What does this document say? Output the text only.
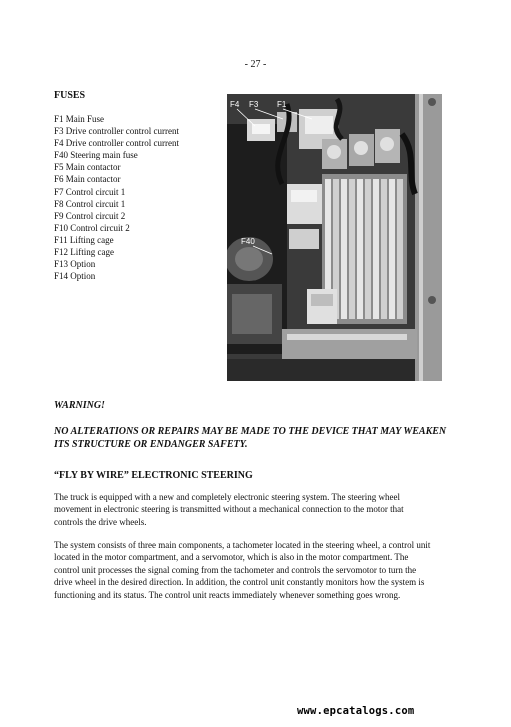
- 27 -
FUSES
F1 Main Fuse
F3 Drive controller control current
F4 Drive controller control current
F40 Steering main fuse
F5 Main contactor
F6 Main contactor
F7 Control circuit 1
F8 Control circuit 1
F9 Control circuit 2
F10 Control circuit 2
F11 Lifting cage
F12 Lifting cage
F13 Option
F14 Option
F4 F3 F1
F40
WARNING!
NO ALTERATIONS OR REPAIRS MAY BE MADE TO THE DEVICE THAT MAY WEAKEN ITS STRUCTURE OR ENDANGER SAFETY.
“FLY BY WIRE” ELECTRONIC STEERING

The truck is equipped with a new and completely electronic steering system. The steering wheel movement in electronic steering is transmitted without a mechanical connection to the motor that controls the drive wheels.

The system consists of three main components, a tachometer located in the steering wheel, a control unit located in the motor compartment, and a servomotor, which is also in the motor compartment. The control unit processes the signal coming from the tachometer and controls the servomotor to turn the drive wheel in the desired direction. In addition, the control unit constantly monitors how the system is functioning and its status. The control unit reacts immediately whenever something goes wrong.

www.epcatalogs.com
